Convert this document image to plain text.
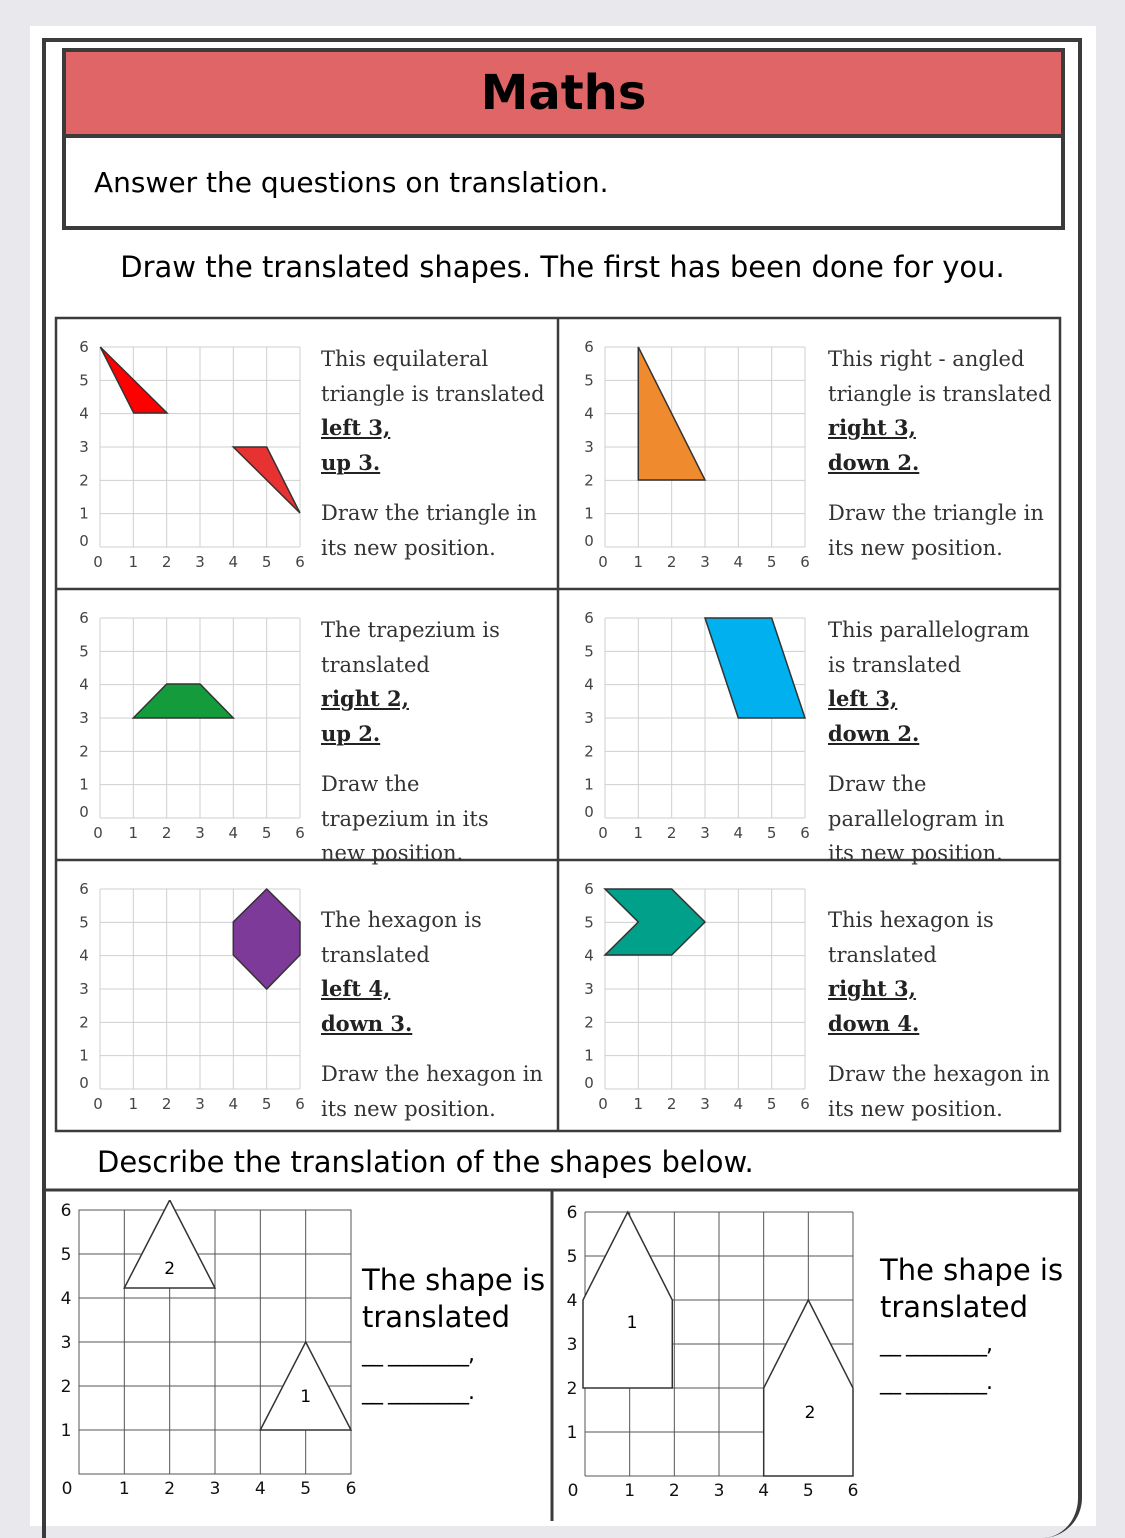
Maths
Answer the questions on translation.
Draw the translated shapes. The first has been done for you.
Describe the translation of the shapes below.
0
0
1
1
2
2
3
3
4
4
5
5
6
6
0
0
1
1
2
2
3
3
4
4
5
5
6
6
0
0
1
1
2
2
3
3
4
4
5
5
6
6
0
0
1
1
2
2
3
3
4
4
5
5
6
6
0
0
1
1
2
2
3
3
4
4
5
5
6
6
0
0
1
1
2
2
3
3
4
4
5
5
6
6
This equilateral triangle is translated
left 3,
up 3.
Draw the triangle in its new position.
This right - angled triangle is translated
right 3,
down 2.
Draw the triangle in its new position.
The trapezium is translated
right 2,
up 2.
Draw the trapezium in its new position.
This parallelogram is translated
left 3,
down 2.
Draw the parallelogram in its new position.
The hexagon is translated
left 4,
down 3.
Draw the hexagon in its new position.
This hexagon is translated
right 3,
down 4.
Draw the hexagon in its new position.
0	1
1
2
2
3
3
4
4
5
5
6
6
2
1
0	1
1
2
2
3
3
4
4
5
5
6
6
1
2
The shape is translated
__ ________,
__ ________.
The shape is translated
__ ________,
__ ________.
